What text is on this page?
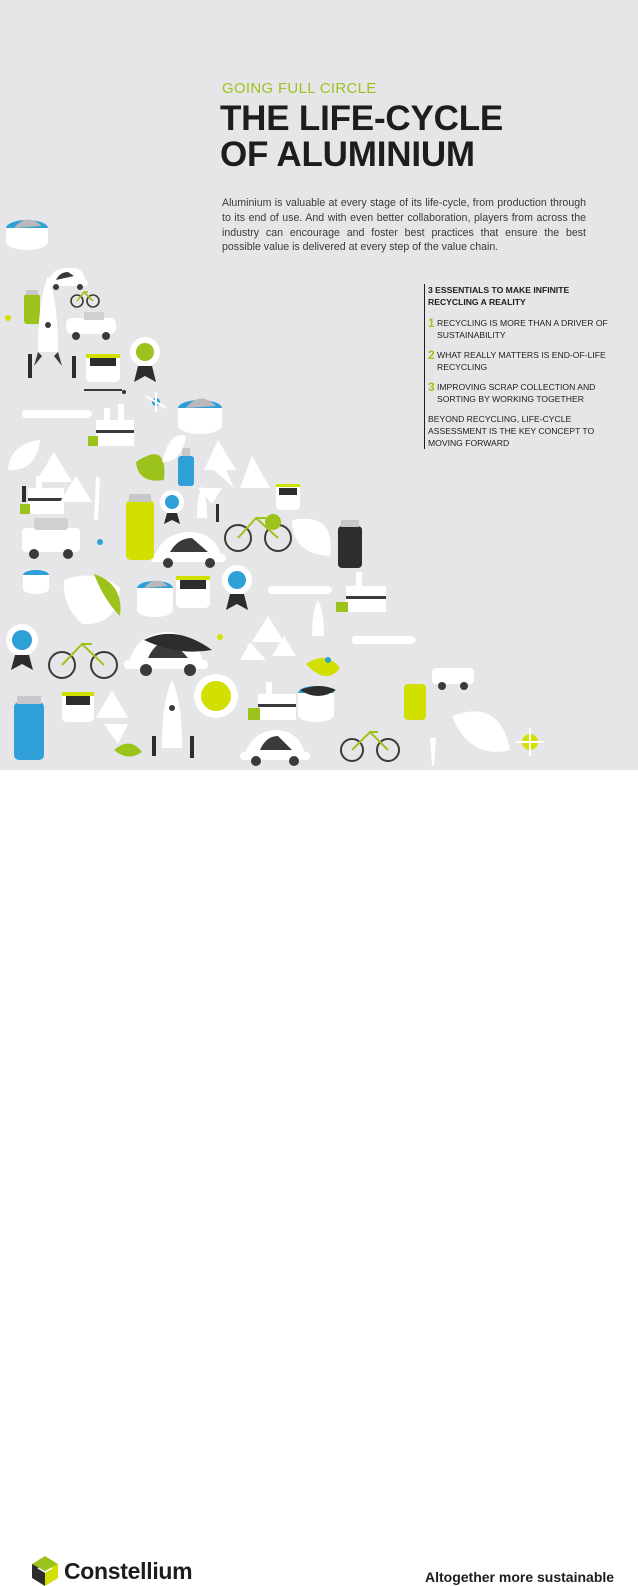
GOING FULL CIRCLE
THE LIFE-CYCLE
OF ALUMINIUM
Aluminium is valuable at every stage of its life-cycle, from production through to its end of use. And with even better collaboration, players from across the industry can encourage and foster best practices that ensure the best possible value is delivered at every step of the value chain.
3 ESSENTIALS TO MAKE INFINITE RECYCLING A REALITY
1 RECYCLING IS MORE THAN A DRIVER OF SUSTAINABILITY
2 WHAT REALLY MATTERS IS END-OF-LIFE RECYCLING
3 IMPROVING SCRAP COLLECTION AND SORTING BY WORKING TOGETHER
BEYOND RECYCLING, LIFE-CYCLE ASSESSMENT IS THE KEY CONCEPT TO MOVING FORWARD
Constellium	Altogether more sustainable
